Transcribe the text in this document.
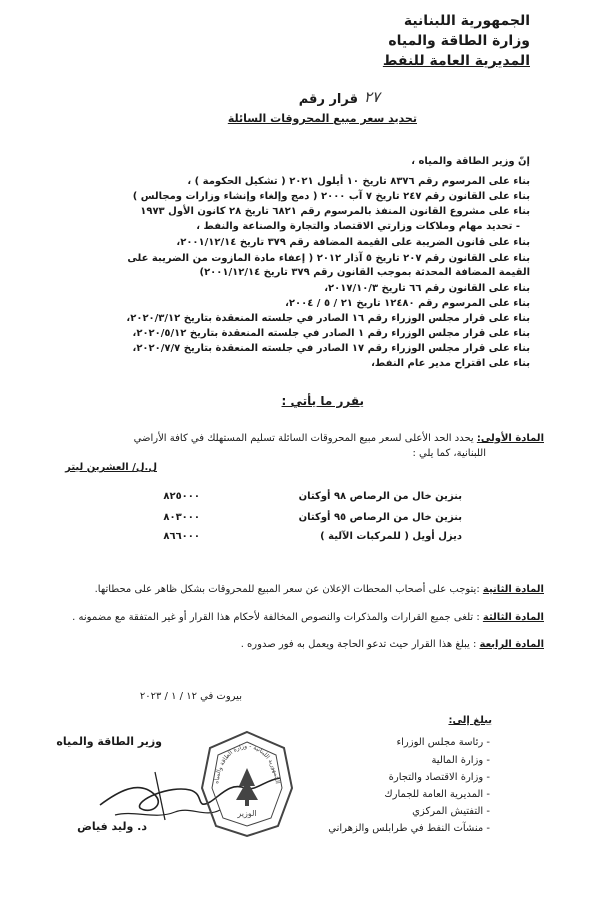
الجمهورية اللبنانية
وزارة الطاقة والمياه
المديرية العامة للنفط
قرار رقم ٢٧
تحديد سعر مبيع المحروقات السائلة
إنّ وزير الطاقة والمياه ،
بناء على المرسوم رقم ٨٣٧٦ تاريخ ١٠ أيلول ٢٠٢١ ( تشكيل الحكومة ) ،
بناء على القانون رقم ٢٤٧ تاريخ ٧ آب ٢٠٠٠ ( دمج وإلغاء وإنشاء وزارات ومجالس )
بناء على مشروع القانون المنفذ بالمرسوم رقم ٦٨٢١ تاريخ ٢٨ كانون الأول ١٩٧٣
- تحديد مهام وملاكات وزارتي الاقتصاد والتجارة والصناعة والنفط ،
بناء على قانون الضريبة على القيمة المضافة رقم ٣٧٩ تاريخ ٢٠٠١/١٢/١٤،
بناء على القانون رقم ٢٠٧ تاريخ ٥ آذار ٢٠١٢ ( إعفاء مادة المازوت من الضريبة على
القيمة المضافة المحدثة بموجب القانون رقم ٣٧٩ تاريخ ٢٠٠١/١٢/١٤)
بناء على القانون رقم ٦٦ تاريخ ٢٠١٧/١٠/٣،
بناء على المرسوم رقم ١٢٤٨٠ تاريخ ٢١ / ٥ / ٢٠٠٤،
بناء على قرار مجلس الوزراء رقم ١٦ الصادر في جلسته المنعقدة بتاريخ ٢٠٢٠/٣/١٢،
بناء على قرار مجلس الوزراء رقم ١ الصادر في جلسته المنعقدة بتاريخ ٢٠٢٠/٥/١٢،
بناء على قرار مجلس الوزراء رقم ١٧ الصادر في جلسته المنعقدة بتاريخ ٢٠٢٠/٧/٧،
بناء على اقتراح مدير عام النفط،
يقرر ما يأتي :
المادة الأولى: يحدد الحد الأعلى لسعر مبيع المحروقات السائلة تسليم المستهلك في كافة الأراضي
اللبنانية، كما يلي :
ل.ل/ العشرين ليتر
بنزين خال من الرصاص ٩٨ أوكتان
٨٢٥٠٠٠
بنزين خال من الرصاص ٩٥ أوكتان
٨٠٣٠٠٠
ديزل أويل ( للمركبات الآلية )
٨٦٦٠٠٠
المادة الثانية :يتوجب على أصحاب المحطات الإعلان عن سعر المبيع للمحروقات بشكل ظاهر على محطاتها.
المادة الثالثة : تلغى جميع القرارات والمذكرات والنصوص المخالفة لأحكام هذا القرار أو غير المتفقة مع مضمونه .
المادة الرابعة : يبلغ هذا القرار حيث تدعو الحاجة ويعمل به فور صدوره .
بيروت في ١٢ / ١ / ٢٠٢٣
وزير الطاقة والمياه
د. وليد فياض
يبلغ إلى:
- رئاسة مجلس الوزراء
- وزارة المالية
- وزارة الاقتصاد والتجارة
- المديرية العامة للجمارك
- التفتيش المركزي
- منشآت النفط في طرابلس والزهراني
الوزير
الجمهورية اللبنانية - وزارة الطاقة والمياه
